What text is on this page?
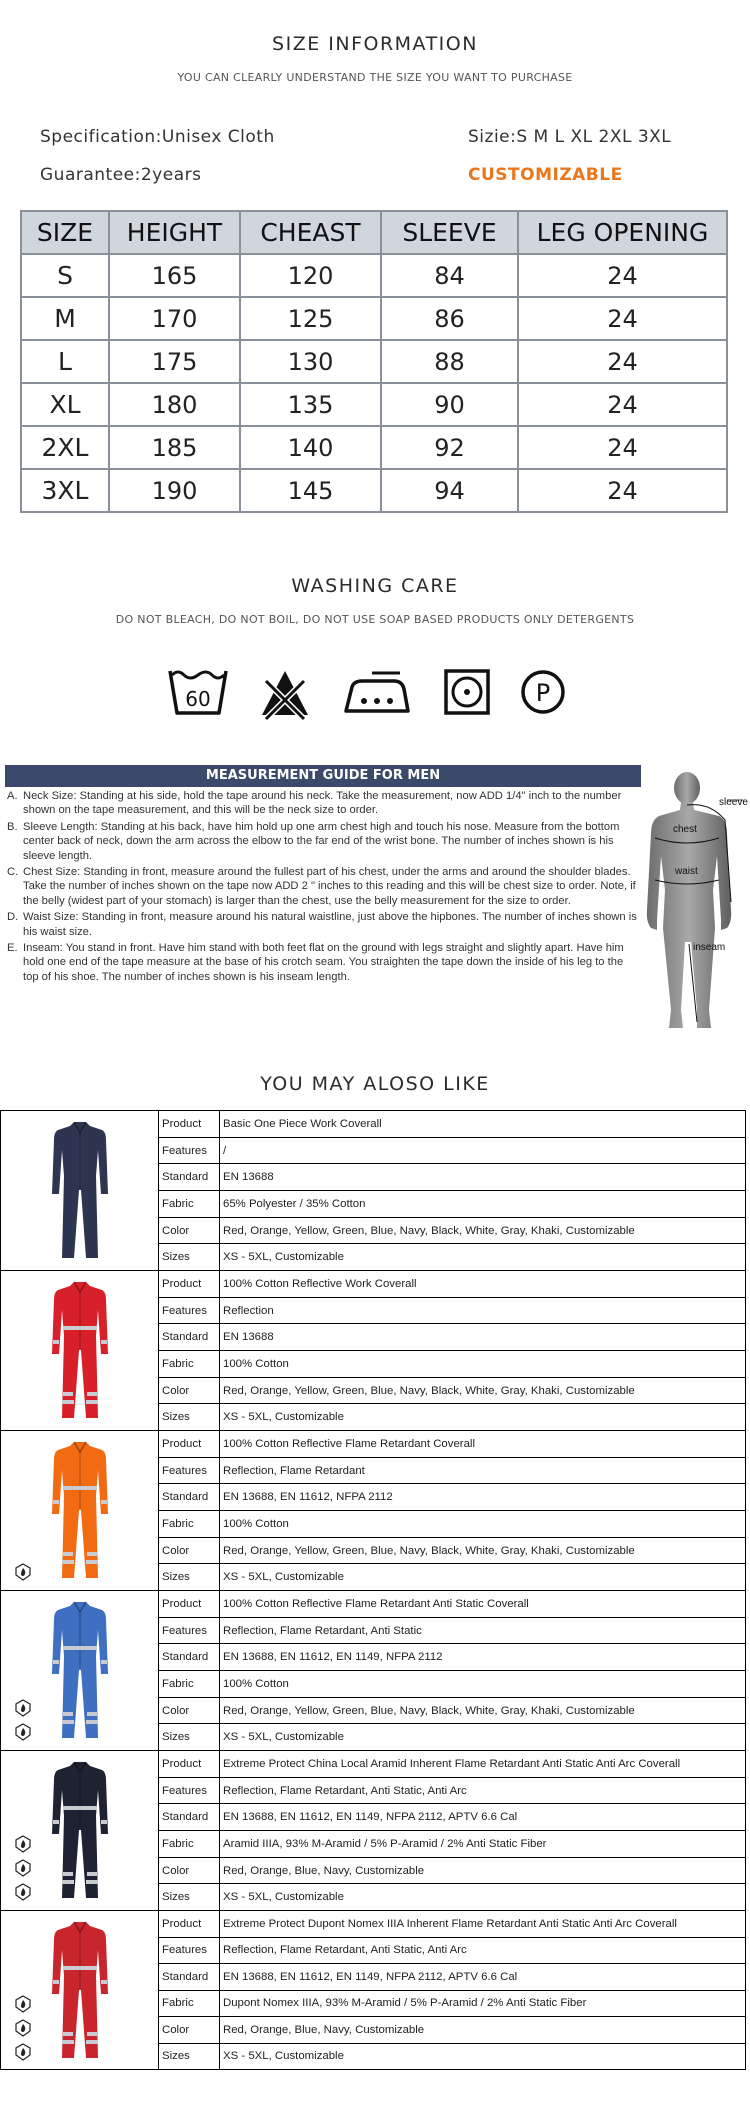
SIZE INFORMATION
YOU CAN CLEARLY UNDERSTAND THE SIZE YOU WANT TO PURCHASE
Specification:Unisex Cloth	Sizie:S M L XL 2XL 3XL
Guarantee:2years	CUSTOMIZABLE
SIZE	HEIGHT	CHEAST	SLEEVE	LEG OPENING
S	165	120	84	24
M	170	125	86	24
L	175	130	88	24
XL	180	135	90	24
2XL	185	140	92	24
3XL	190	145	94	24
WASHING CARE
DO NOT BLEACH, DO NOT BOIL, DO NOT USE SOAP BASED PRODUCTS ONLY DETERGENTS
60	P
MEASUREMENT GUIDE FOR MEN
A. Neck Size: Standing at his side, hold the tape around his neck. Take the measurement, now ADD 1/4" inch to the number shown on the tape measurement, and this will be the neck size to order.
B. Sleeve Length: Standing at his back, have him hold up one arm chest high and touch his nose. Measure from the bottom center back of neck, down the arm across the elbow to the far end of the wrist bone. The number of inches shown is his sleeve length.
C. Chest Size: Standing in front, measure around the fullest part of his chest, under the arms and around the shoulder blades. Take the number of inches shown on the tape now ADD 2 " inches to this reading and this will be chest size to order. Note, if the belly (widest part of your stomach) is larger than the chest, use the belly measurement for the size to order.
D. Waist Size: Standing in front, measure around his natural waistline, just above the hipbones. The number of inches shown is his waist size.
E. Inseam: You stand in front. Have him stand with both feet flat on the ground with legs straight and slightly apart. Have him hold one end of the tape measure at the base of his crotch seam. You straighten the tape down the inside of his leg to the top of his shoe. The number of inches shown is his inseam length.
sleeve
chest
waist
inseam
YOU MAY ALOSO LIKE
Product	Basic One Piece Work Coverall
Features	/
Standard	EN 13688
Fabric	65% Polyester / 35% Cotton
Color	Red, Orange, Yellow, Green, Blue, Navy, Black, White, Gray, Khaki, Customizable
Sizes	XS - 5XL, Customizable
Product	100% Cotton Reflective Work Coverall
Features	Reflection
Standard	EN 13688
Fabric	100% Cotton
Color	Red, Orange, Yellow, Green, Blue, Navy, Black, White, Gray, Khaki, Customizable
Sizes	XS - 5XL, Customizable
Product	100% Cotton Reflective Flame Retardant Coverall
Features	Reflection, Flame Retardant
Standard	EN 13688, EN 11612, NFPA 2112
Fabric	100% Cotton
Color	Red, Orange, Yellow, Green, Blue, Navy, Black, White, Gray, Khaki, Customizable
Sizes	XS - 5XL, Customizable
Product	100% Cotton Reflective Flame Retardant Anti Static Coverall
Features	Reflection, Flame Retardant, Anti Static
Standard	EN 13688, EN 11612, EN 1149, NFPA 2112
Fabric	100% Cotton
Color	Red, Orange, Yellow, Green, Blue, Navy, Black, White, Gray, Khaki, Customizable
Sizes	XS - 5XL, Customizable
Product	Extreme Protect China Local Aramid Inherent Flame Retardant Anti Static Anti Arc Coverall
Features	Reflection, Flame Retardant, Anti Static, Anti Arc
Standard	EN 13688, EN 11612, EN 1149, NFPA 2112, APTV 6.6 Cal
Fabric	Aramid IIIA, 93% M-Aramid / 5% P-Aramid / 2% Anti Static Fiber
Color	Red, Orange, Blue, Navy, Customizable
Sizes	XS - 5XL, Customizable
Product	Extreme Protect Dupont Nomex IIIA Inherent Flame Retardant Anti Static Anti Arc Coverall
Features	Reflection, Flame Retardant, Anti Static, Anti Arc
Standard	EN 13688, EN 11612, EN 1149, NFPA 2112, APTV 6.6 Cal
Fabric	Dupont Nomex IIIA, 93% M-Aramid / 5% P-Aramid / 2% Anti Static Fiber
Color	Red, Orange, Blue, Navy, Customizable
Sizes	XS - 5XL, Customizable
